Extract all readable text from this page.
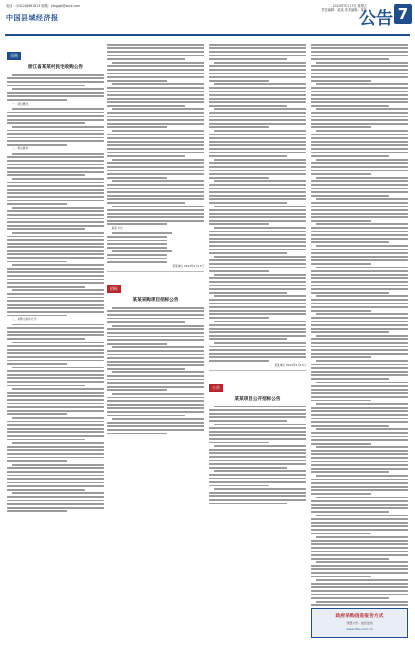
电话：(0312)8981813 邮箱：zfxgpjb@sina.com
中国县域经济报
2024年5月17日 星期五
责任编辑：某某 美术编辑：某某
公告 7
采购
浙江省某某村民宅收购公告
一、项目概况：
二、相关要求：
三、采购人联系方式：
联系方式
某某单位 2024年5月17日
招标
某某采购项目招标公告
某某单位 2024年5月17日
公告
某某项目公开招标公告
政府采购信息报告方式
刊登公告 · 信息发布
www.cfen.com.cn
